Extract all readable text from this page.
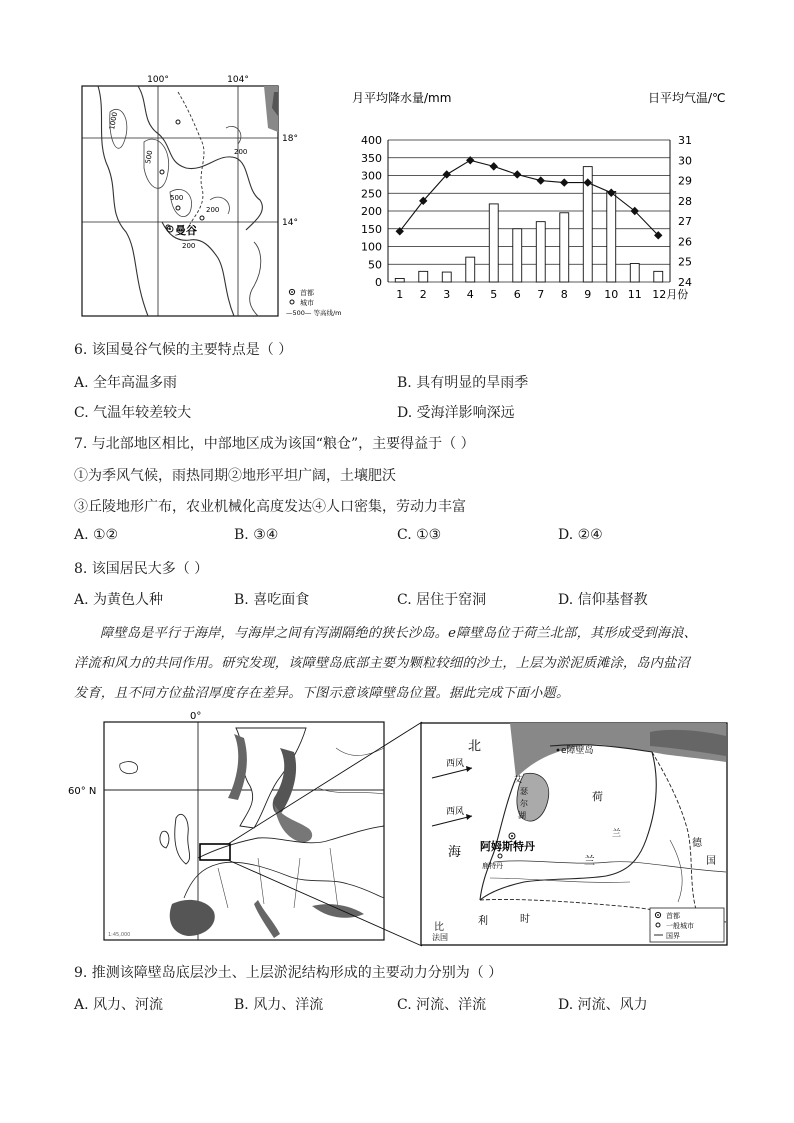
100°	104°
18°
14°
1000
500	200
500
200
200
曼谷
首都
城市
—500— 等高线/m
月平均降水量/mm	日平均气温/℃
0
50
100
150
200
250
300
350
400
24
25
26
27
28
29
30
31
1 2 3 4 5 6 7 8 9 10 11 12月份
6. 该国曼谷气候的主要特点是（ ）
A. 全年高温多雨	B. 具有明显的旱雨季
C. 气温年较差较大	D. 受海洋影响深远
7. 与北部地区相比，中部地区成为该国“粮仓”，主要得益于（ ）
①为季风气候，雨热同期②地形平坦广阔，土壤肥沃
③丘陵地形广布，农业机械化高度发达④人口密集，劳动力丰富
A. ①②	B. ③④	C. ①③	D. ②④
8. 该国居民大多（ ）
A. 为黄色人种	B. 喜吃面食	C. 居住于窑洞	D. 信仰基督教
障壁岛是平行于海岸，与海岸之间有泻湖隔绝的狭长沙岛。e障壁岛位于荷兰北部，其形成受到海浪、
洋流和风力的共同作用。研究发现，该障壁岛底部主要为颗粒较细的沙土，上层为淤泥质滩涂，岛内盐沼
发育，且不同方位盐沼厚度存在差异。下图示意该障壁岛位置。据此完成下面小题。
0°
60° N
1:45,000
西风
西风
北
海
e障壁岛
艾
瑟
尔
湖
阿姆斯特丹
鹿特丹
荷
兰
兰
德
国
比
利	时
法国
首都
一般城市
国界
9. 推测该障壁岛底层沙土、上层淤泥结构形成的主要动力分别为（ ）
A. 风力、河流	B. 风力、洋流	C. 河流、洋流	D. 河流、风力
